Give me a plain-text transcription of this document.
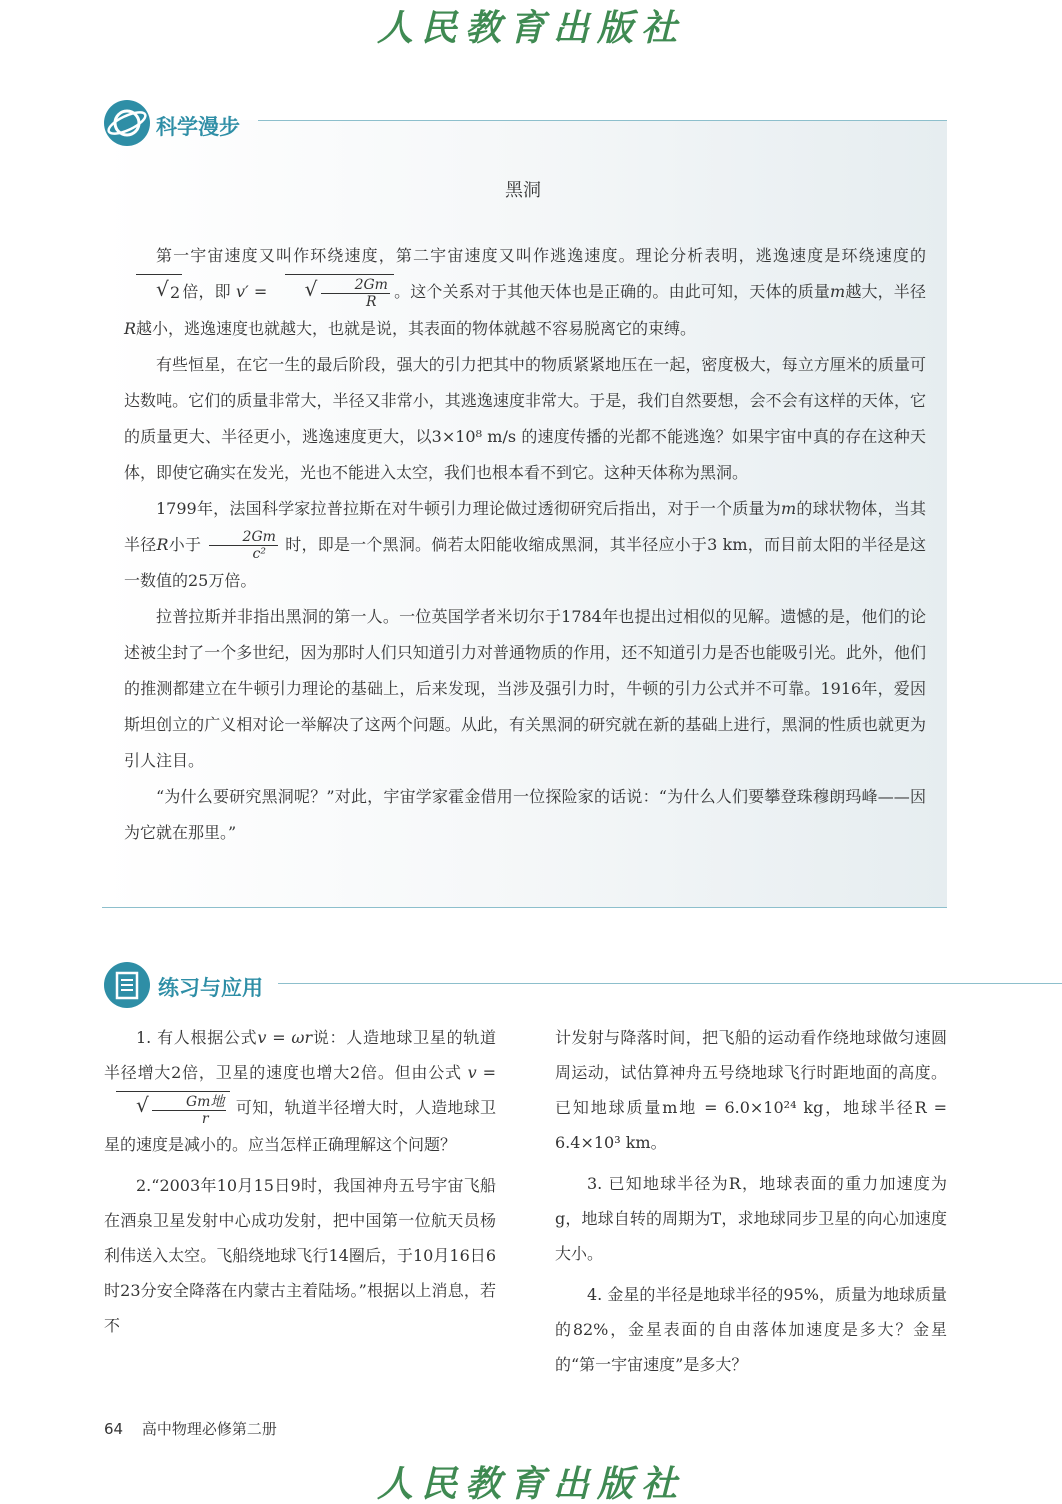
人民教育出版社
科学漫步
黑洞

第一宇宙速度又叫作环绕速度，第二宇宙速度又叫作逃逸速度。理论分析表明，逃逸速度是环绕速度的√ 2 倍，即 v′ =
√	$\frac{2Gm}{R}$ 。这个关系对于其他天体也是正确的。由此可知，天体的质量m越大，半径R越小，逃逸速度也就越大，也就是说，其表面的物体就越不容易脱离它的束缚。

有些恒星，在它一生的最后阶段，强大的引力把其中的物质紧紧地压在一起，密度极大，每立方厘米的质量可达数吨。它们的质量非常大，半径又非常小，其逃逸速度非常大。于是，我们自然要想，会不会有这样的天体，它的质量更大、半径更小，逃逸速度更大，以3×10⁸ m/s 的速度传播的光都不能逃逸？如果宇宙中真的存在这种天体，即使它确实在发光，光也不能进入太空，我们也根本看不到它。这种天体称为黑洞。

1799年，法国科学家拉普拉斯在对牛顿引力理论做过透彻研究后指出，对于一个质量为m的球状物体，当其半径R小于 $\frac{2Gm}{\text{c²}}$ 时，即是一个黑洞。倘若太阳能收缩成黑洞，其半径应小于3 km，而目前太阳的半径是这一数值的25万倍。

拉普拉斯并非指出黑洞的第一人。一位英国学者米切尔于1784年也提出过相似的见解。遗憾的是，他们的论述被尘封了一个多世纪，因为那时人们只知道引力对普通物质的作用，还不知道引力是否也能吸引光。此外，他们的推测都建立在牛顿引力理论的基础上，后来发现，当涉及强引力时，牛顿的引力公式并不可靠。1916年，爱因斯坦创立的广义相对论一举解决了这两个问题。从此，有关黑洞的研究就在新的基础上进行，黑洞的性质也就更为引人注目。

“为什么要研究黑洞呢？”对此，宇宙学家霍金借用一位探险家的话说：“为什么人们要攀登珠穆朗玛峰——因为它就在那里。”

练习与应用

1. 有人根据公式v = ωr说：人造地球卫星的轨道半径增大2倍，卫星的速度也增大2倍。但由公式 v =
√ $\frac{\text{Gm地}}{r}$ 可知，轨道半径增大时，人造地球卫星的速度是减小的。应当怎样正确理解这个问题？

2.“2003年10月15日9时，我国神舟五号宇宙飞船在酒泉卫星发射中心成功发射，把中国第一位航天员杨利伟送入太空。飞船绕地球飞行14圈后，于10月16日6时23分安全降落在内蒙古主着陆场。”根据以上消息，若不

计发射与降落时间，把飞船的运动看作绕地球做匀速圆周运动，试估算神舟五号绕地球飞行时距地面的高度。已知地球质量m地 = 6.0×10²⁴ kg，地球半径R = 6.4×10³ km。

3. 已知地球半径为R，地球表面的重力加速度为g，地球自转的周期为T，求地球同步卫星的向心加速度大小。

4. 金星的半径是地球半径的95%，质量为地球质量的82%，金星表面的自由落体加速度是多大？金星的“第一宇宙速度”是多大？

64 高中物理必修第二册
人民教育出版社
